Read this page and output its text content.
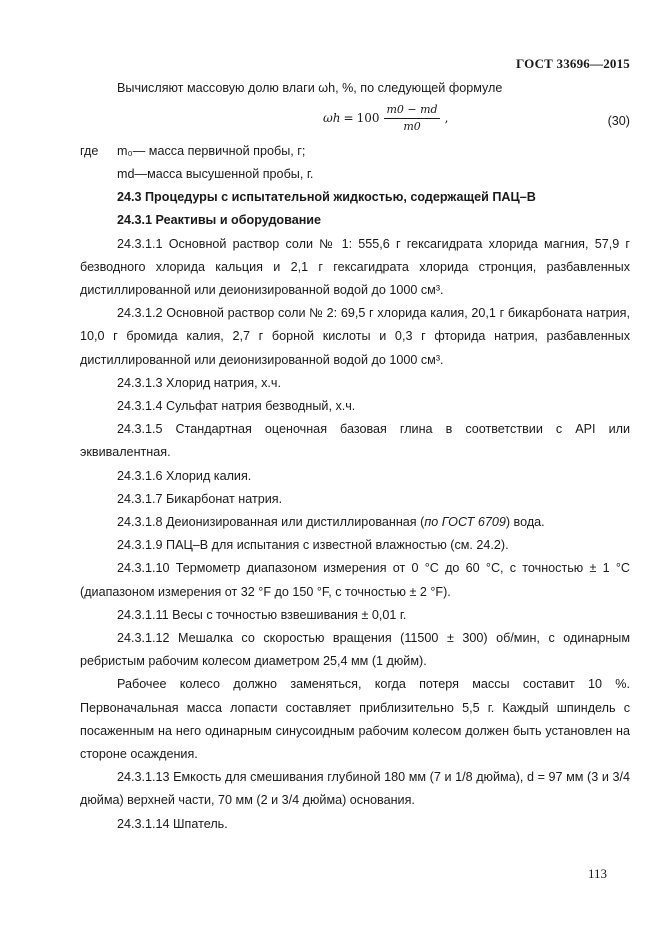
ГОСТ 33696—2015

Вычисляют массовую долю влаги ωh, %, по следующей формуле

$\omega h = 100 \frac{m0 - md}{m0}$ ,	(30)
где m₀— масса первичной пробы, г;
md—масса высушенной пробы, г.

24.3 Процедуры с испытательной жидкостью, содержащей ПАЦ–В

24.3.1 Реактивы и оборудование

24.3.1.1 Основной раствор соли № 1: 555,6 г гексагидрата хлорида магния, 57,9 г безводного хлорида кальция и 2,1 г гексагидрата хлорида стронция, разбавленных дистиллированной или деионизированной водой до 1000 см³.

24.3.1.2 Основной раствор соли № 2: 69,5 г хлорида калия, 20,1 г бикарбоната натрия, 10,0 г бромида калия, 2,7 г борной кислоты и 0,3 г фторида натрия, разбавленных дистиллированной или деионизированной водой до 1000 см³.

24.3.1.3 Хлорид натрия, х.ч.

24.3.1.4 Сульфат натрия безводный, х.ч.

24.3.1.5 Стандартная оценочная базовая глина в соответствии с API или эквивалентная.

24.3.1.6 Хлорид калия.

24.3.1.7 Бикарбонат натрия.

24.3.1.8 Деионизированная или дистиллированная (по ГОСТ 6709) вода.

24.3.1.9 ПАЦ–В для испытания с известной влажностью (см. 24.2).

24.3.1.10 Термометр диапазоном измерения от 0 °С до 60 °С, с точностью ± 1 °С (диапазоном измерения от 32 °F до 150 °F, с точностью ± 2 °F).

24.3.1.11 Весы с точностью взвешивания ± 0,01 г.

24.3.1.12 Мешалка со скоростью вращения (11500 ± 300) об/мин, с одинарным ребристым рабочим колесом диаметром 25,4 мм (1 дюйм).

Рабочее колесо должно заменяться, когда потеря массы составит 10 %. Первоначальная масса лопасти составляет приблизительно 5,5 г. Каждый шпиндель с посаженным на него одинарным синусоидным рабочим колесом должен быть установлен на стороне осаждения.

24.3.1.13 Емкость для смешивания глубиной 180 мм (7 и 1/8 дюйма), d = 97 мм (3 и 3/4 дюйма) верхней части, 70 мм (2 и 3/4 дюйма) основания.

24.3.1.14 Шпатель.

113
